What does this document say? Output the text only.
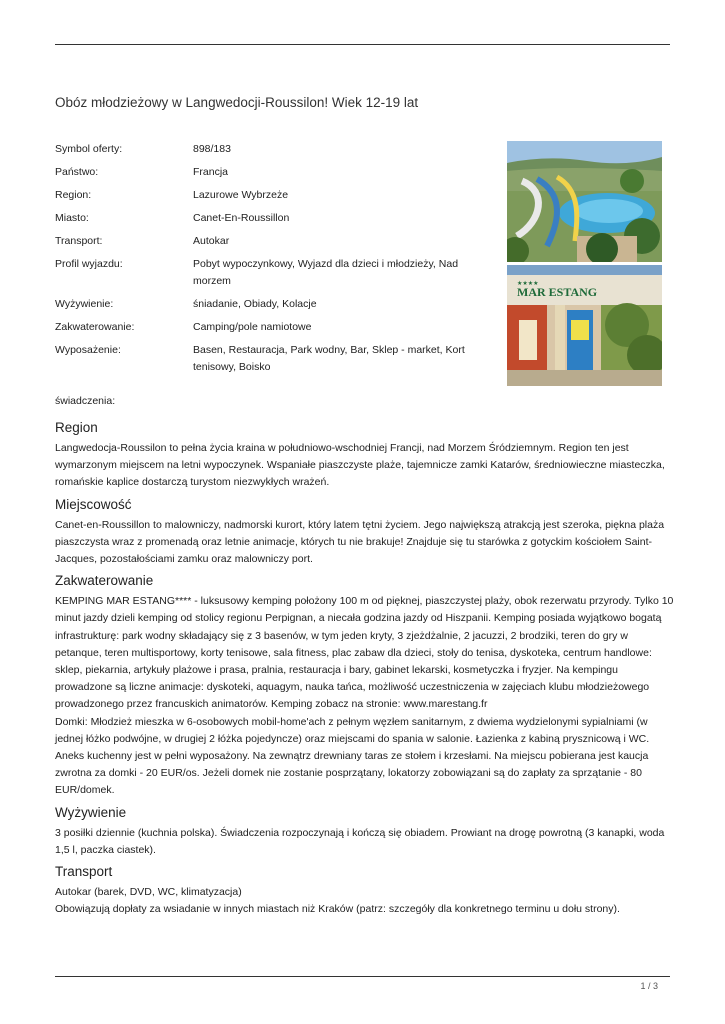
Obóz młodzieżowy w Langwedocji-Roussilon! Wiek 12-19 lat
Symbol oferty:	898/183
Państwo:	Francja
Region:	Lazurowe Wybrzeże
Miasto:	Canet-En-Roussillon
Transport:	Autokar
Profil wyjazdu:	Pobyt wypoczynkowy, Wyjazd dla dzieci i młodzieży, Nad morzem
Wyżywienie:	śniadanie, Obiady, Kolacje
Zakwaterowanie:	Camping/pole namiotowe
Wyposażenie:	Basen, Restauracja, Park wodny, Bar, Sklep - market, Kort tenisowy, Boisko
MAR ESTANG
★★★★
świadczenia:
Region

Langwedocja-Roussilon to pełna życia kraina w południowo-wschodniej Francji, nad Morzem Śródziemnym. Region ten jest wymarzonym miejscem na letni wypoczynek. Wspaniałe piaszczyste plaże, tajemnicze zamki Katarów, średniowieczne miasteczka, romańskie kaplice dostarczą turystom niezwykłych wrażeń.

Miejscowość

Canet-en-Roussillon to malowniczy, nadmorski kurort, który latem tętni życiem. Jego największą atrakcją jest szeroka, piękna plaża piaszczysta wraz z promenadą oraz letnie animacje, których tu nie brakuje! Znajduje się tu starówka z gotyckim kościołem Saint-Jacques, pozostałościami zamku oraz malowniczy port.

Zakwaterowanie

KEMPING MAR ESTANG**** - luksusowy kemping położony 100 m od pięknej, piaszczystej plaży, obok rezerwatu przyrody. Tylko 10 minut jazdy dzieli kemping od stolicy regionu Perpignan, a niecała godzina jazdy od Hiszpanii. Kemping posiada wyjątkowo bogatą infrastrukturę: park wodny składający się z 3 basenów, w tym jeden kryty, 3 zjeżdżalnie, 2 jacuzzi, 2 brodziki, teren do gry w petanque, teren multisportowy, korty tenisowe, sala fitness, plac zabaw dla dzieci, stoły do tenisa, dyskoteka, centrum handlowe: sklep, piekarnia, artykuły plażowe i prasa, pralnia, restauracja i bary, gabinet lekarski, kosmetyczka i fryzjer. Na kempingu prowadzone są liczne animacje: dyskoteki, aquagym, nauka tańca, możliwość uczestniczenia w zajęciach klubu młodzieżowego prowadzonego przez francuskich animatorów. Kemping zobacz na stronie: www.marestang.fr

Domki: Młodzież mieszka w 6-osobowych mobil-home'ach z pełnym węzłem sanitarnym, z dwiema wydzielonymi sypialniami (w jednej łóżko podwójne, w drugiej 2 łóżka pojedyncze) oraz miejscami do spania w salonie. Łazienka z kabiną prysznicową i WC. Aneks kuchenny jest w pełni wyposażony. Na zewnątrz drewniany taras ze stołem i krzesłami. Na miejscu pobierana jest kaucja zwrotna za domki - 20 EUR/os. Jeżeli domek nie zostanie posprzątany, lokatorzy zobowiązani są do zapłaty za sprzątanie - 80 EUR/domek.

Wyżywienie

3 posiłki dziennie (kuchnia polska). Świadczenia rozpoczynają i kończą się obiadem. Prowiant na drogę powrotną (3 kanapki, woda 1,5 l, paczka ciastek).

Transport

Autokar (barek, DVD, WC, klimatyzacja)

Obowiązują dopłaty za wsiadanie w innych miastach niż Kraków (patrz: szczegóły dla konkretnego terminu u dołu strony).

1 / 3
